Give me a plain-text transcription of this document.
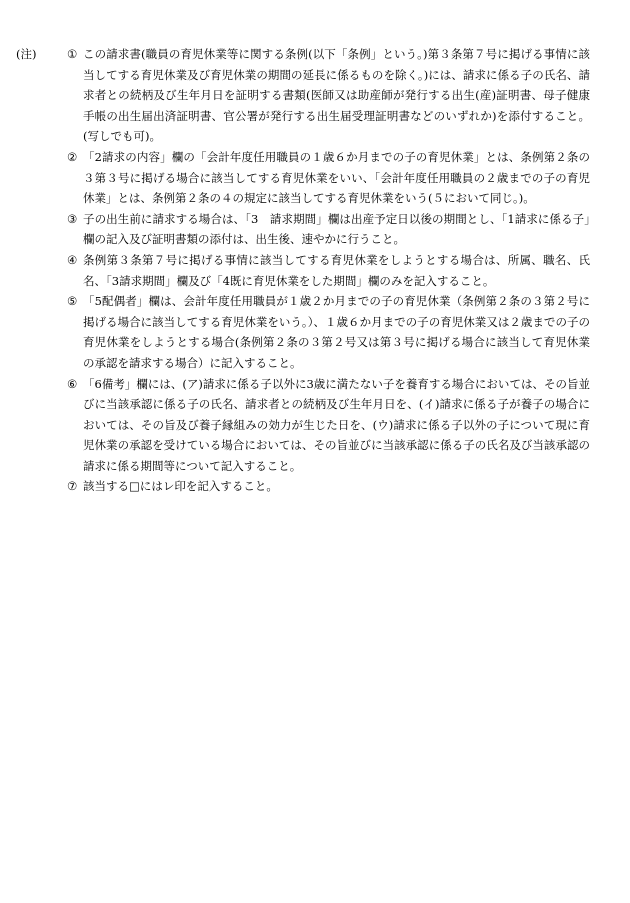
(注)	① この請求書(職員の育児休業等に関する条例(以下「条例」という。)第３条第７号に掲げる事情に該当してする育児休業及び育児休業の期間の延長に係るものを除く。)には、請求に係る子の氏名、請求者との続柄及び生年月日を証明する書類(医師又は助産師が発行する出生(産)証明書、母子健康手帳の出生届出済証明書、官公署が発行する出生届受理証明書などのいずれか)を添付すること。(写しでも可)。
② 「2請求の内容」欄の「会計年度任用職員の１歳６か月までの子の育児休業」とは、条例第２条の３第３号に掲げる場合に該当してする育児休業をいい、「会計年度任用職員の２歳までの子の育児休業」とは、条例第２条の４の規定に該当してする育児休業をいう(５において同じ。)。
③ 子の出生前に請求する場合は、「3　請求期間」欄は出産予定日以後の期間とし、「1請求に係る子」欄の記入及び証明書類の添付は、出生後、速やかに行うこと。
④ 条例第３条第７号に掲げる事情に該当してする育児休業をしようとする場合は、所属、職名、氏名、「3請求期間」欄及び「4既に育児休業をした期間」欄のみを記入すること。
⑤ 「5配偶者」欄は、会計年度任用職員が１歳２か月までの子の育児休業（条例第２条の３第２号に掲げる場合に該当してする育児休業をいう。）、１歳６か月までの子の育児休業又は２歳までの子の育児休業をしようとする場合(条例第２条の３第２号又は第３号に掲げる場合に該当して育児休業の承認を請求する場合）に記入すること。
⑥ 「6備考」欄には、(ア)請求に係る子以外に3歳に満たない子を養育する場合においては、その旨並びに当該承認に係る子の氏名、請求者との続柄及び生年月日を、(イ)請求に係る子が養子の場合においては、その旨及び養子縁組みの効力が生じた日を、(ウ)請求に係る子以外の子について現に育児休業の承認を受けている場合においては、その旨並びに当該承認に係る子の氏名及び当該承認の請求に係る期間等について記入すること。
⑦ 該当する□にはレ印を記入すること。
